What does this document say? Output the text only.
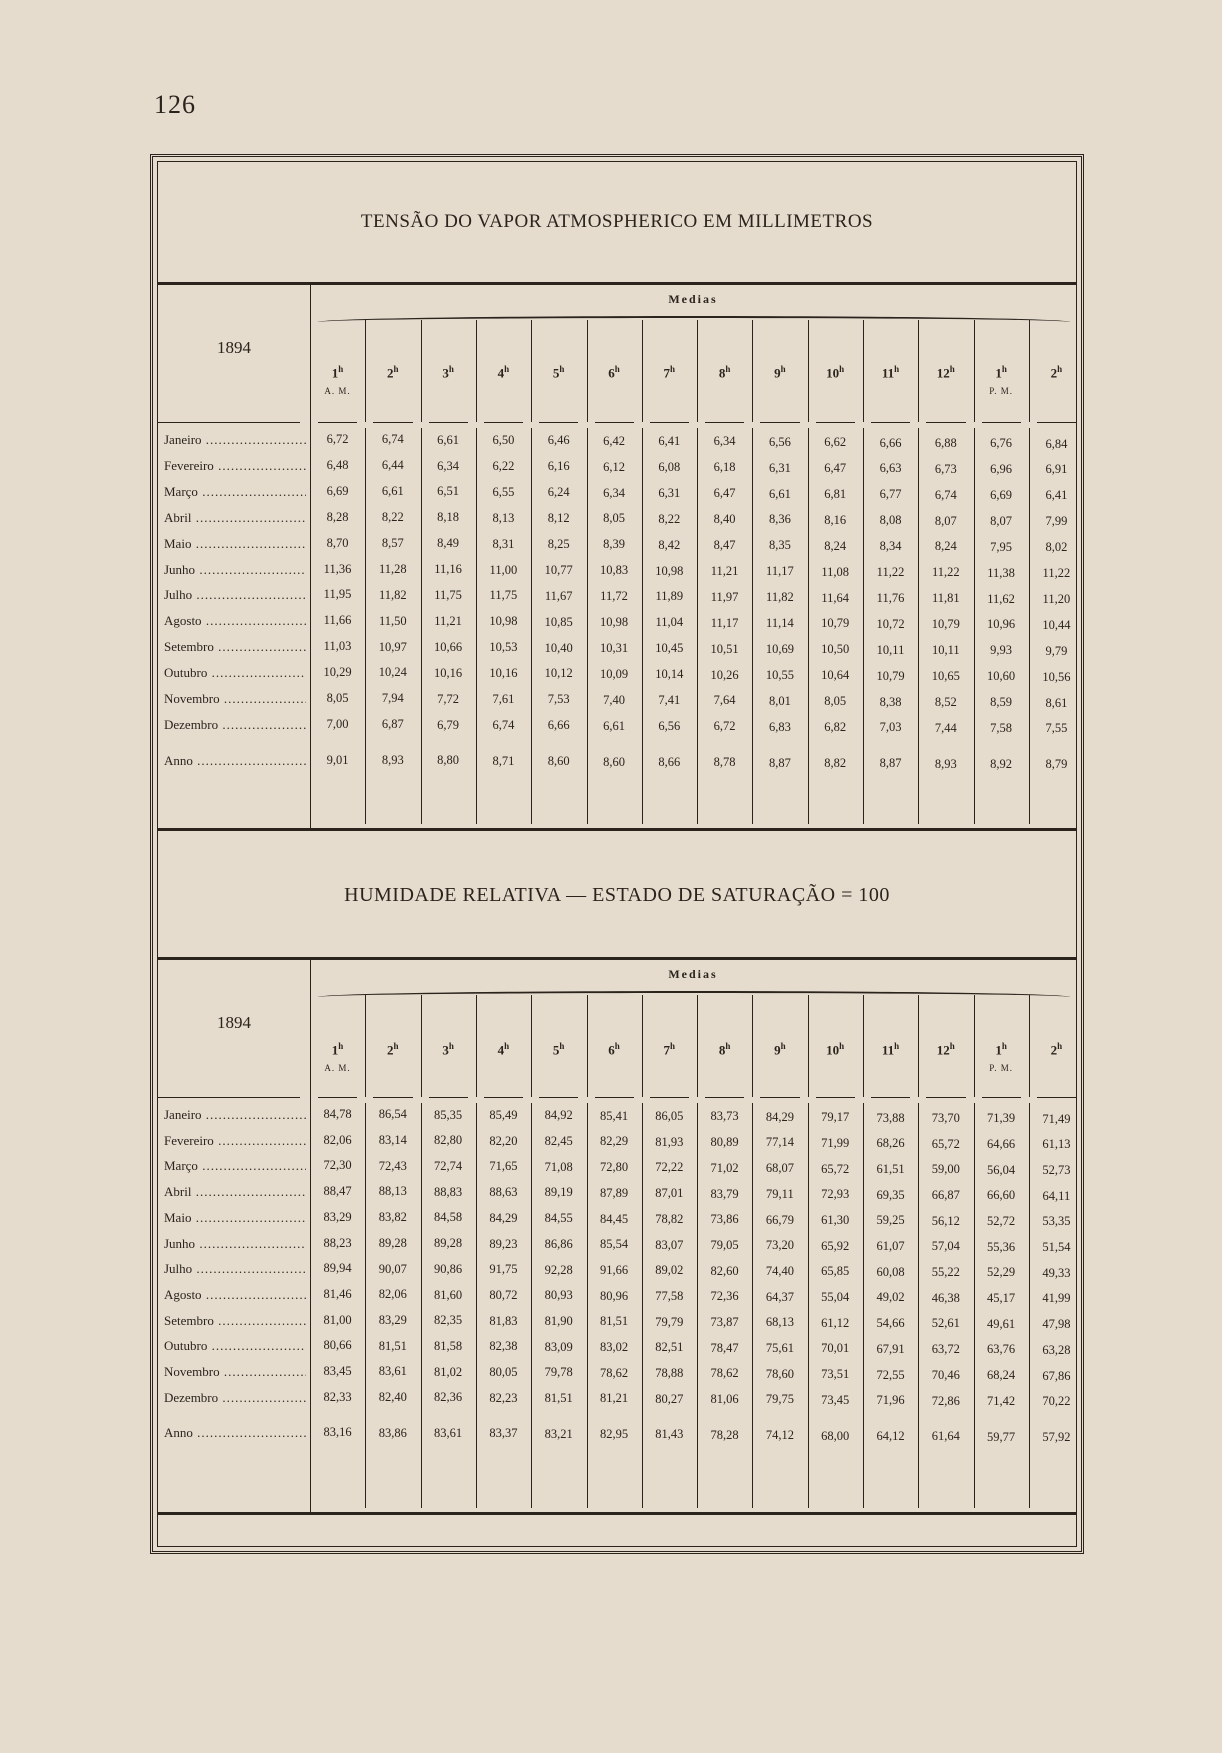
126
TENSÃO DO VAPOR ATMOSPHERICO EM MILLIMETROS
1894
Medias
1$^h$	2$^h$	3$^h$	4$^h$	5$^h$	6$^h$	7$^h$	8$^h$	9$^h$	10$^h$	11$^h$	12$^h$	1$^h$	2$^h$
A. M.	P. M.
Janeiro .....	6,72	6,74	6,61	6,50	6,46	6,42	6,41	6,34	6,56	6,62	6,66	6,88	6,76	6,84
Fevereiro .....	6,48	6,44	6,34	6,22	6,16	6,12	6,08	6,18	6,31	6,47	6,63	6,73	6,96	6,91
Março .....	6,69	6,61	6,51	6,55	6,24	6,34	6,31	6,47	6,61	6,81	6,77	6,74	6,69	6,41
Abril .....	8,28	8,22	8,18	8,13	8,12	8,05	8,22	8,40	8,36	8,16	8,08	8,07	8,07	7,99
Maio .....	8,70	8,57	8,49	8,31	8,25	8,39	8,42	8,47	8,35	8,24	8,34	8,24	7,95	8,02
Junho .....	11,36	11,28	11,16	11,00	10,77	10,83	10,98	11,21	11,17	11,08	11,22	11,22	11,38	11,22
Julho .....	11,95	11,82	11,75	11,75	11,67	11,72	11,89	11,97	11,82	11,64	11,76	11,81	11,62	11,20
Agosto .....	11,66	11,50	11,21	10,98	10,85	10,98	11,04	11,17	11,14	10,79	10,72	10,79	10,96	10,44
Setembro .....	11,03	10,97	10,66	10,53	10,40	10,31	10,45	10,51	10,69	10,50	10,11	10,11	9,93	9,79
Outubro .....	10,29	10,24	10,16	10,16	10,12	10,09	10,14	10,26	10,55	10,64	10,79	10,65	10,60	10,56
Novembro .....	8,05	7,94	7,72	7,61	7,53	7,40	7,41	7,64	8,01	8,05	8,38	8,52	8,59	8,61
Dezembro .....	7,00	6,87	6,79	6,74	6,66	6,61	6,56	6,72	6,83	6,82	7,03	7,44	7,58	7,55
Anno .....	9,01	8,93	8,80	8,71	8,60	8,60	8,66	8,78	8,87	8,82	8,87	8,93	8,92	8,79
HUMIDADE RELATIVA — ESTADO DE SATURAÇÃO = 100
1894
Medias
1$^h$	2$^h$	3$^h$	4$^h$	5$^h$	6$^h$	7$^h$	8$^h$	9$^h$	10$^h$	11$^h$	12$^h$	1$^h$	2$^h$
A. M.	P. M.
Janeiro .....	84,78	86,54	85,35	85,49	84,92	85,41	86,05	83,73	84,29	79,17	73,88	73,70	71,39	71,49
Fevereiro .....	82,06	83,14	82,80	82,20	82,45	82,29	81,93	80,89	77,14	71,99	68,26	65,72	64,66	61,13
Março .....	72,30	72,43	72,74	71,65	71,08	72,80	72,22	71,02	68,07	65,72	61,51	59,00	56,04	52,73
Abril .....	88,47	88,13	88,83	88,63	89,19	87,89	87,01	83,79	79,11	72,93	69,35	66,87	66,60	64,11
Maio .....	83,29	83,82	84,58	84,29	84,55	84,45	78,82	73,86	66,79	61,30	59,25	56,12	52,72	53,35
Junho .....	88,23	89,28	89,28	89,23	86,86	85,54	83,07	79,05	73,20	65,92	61,07	57,04	55,36	51,54
Julho .....	89,94	90,07	90,86	91,75	92,28	91,66	89,02	82,60	74,40	65,85	60,08	55,22	52,29	49,33
Agosto .....	81,46	82,06	81,60	80,72	80,93	80,96	77,58	72,36	64,37	55,04	49,02	46,38	45,17	41,99
Setembro .....	81,00	83,29	82,35	81,83	81,90	81,51	79,79	73,87	68,13	61,12	54,66	52,61	49,61	47,98
Outubro .....	80,66	81,51	81,58	82,38	83,09	83,02	82,51	78,47	75,61	70,01	67,91	63,72	63,76	63,28
Novembro .....	83,45	83,61	81,02	80,05	79,78	78,62	78,88	78,62	78,60	73,51	72,55	70,46	68,24	67,86
Dezembro .....	82,33	82,40	82,36	82,23	81,51	81,21	80,27	81,06	79,75	73,45	71,96	72,86	71,42	70,22
Anno .....	83,16	83,86	83,61	83,37	83,21	82,95	81,43	78,28	74,12	68,00	64,12	61,64	59,77	57,92
